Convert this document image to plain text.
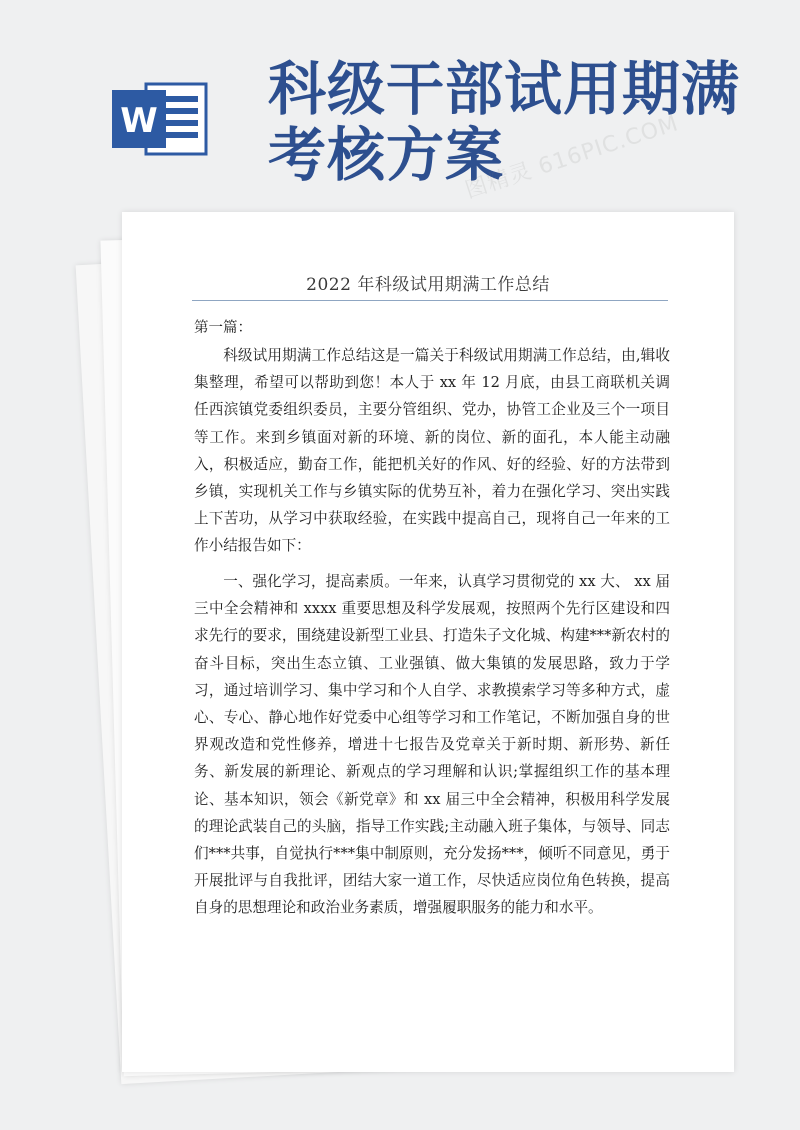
W 科级干部试用期满
考核方案
2022 年科级试用期满工作总结
第一篇：

科级试用期满工作总结这是一篇关于科级试用期满工作总结，由,辑收集整理，希望可以帮助到您！本人于 xx 年 12 月底，由县工商联机关调任西滨镇党委组织委员，主要分管组织、党办，协管工企业及三个一项目等工作。来到乡镇面对新的环境、新的岗位、新的面孔，本人能主动融入，积极适应，勤奋工作，能把机关好的作风、好的经验、好的方法带到乡镇，实现机关工作与乡镇实际的优势互补，着力在强化学习、突出实践上下苦功，从学习中获取经验，在实践中提高自己，现将自己一年来的工作小结报告如下：

一、强化学习，提高素质。一年来，认真学习贯彻党的 xx 大、 xx 届三中全会精神和 xxxx 重要思想及科学发展观，按照两个先行区建设和四求先行的要求，围绕建设新型工业县、打造朱子文化城、构建***新农村的奋斗目标，突出生态立镇、工业强镇、做大集镇的发展思路，致力于学习，通过培训学习、集中学习和个人自学、求教摸索学习等多种方式，虚心、专心、静心地作好党委中心组等学习和工作笔记，不断加强自身的世界观改造和党性修养，增进十七报告及党章关于新时期、新形势、新任务、新发展的新理论、新观点的学习理解和认识;掌握组织工作的基本理论、基本知识，领会《新党章》和 xx 届三中全会精神，积极用科学发展的理论武装自己的头脑，指导工作实践;主动融入班子集体，与领导、同志们***共事，自觉执行***集中制原则，充分发扬***，倾听不同意见，勇于开展批评与自我批评，团结大家一道工作，尽快适应岗位角色转换，提高自身的思想理论和政治业务素质，增强履职服务的能力和水平。

图精灵 616PIC.COM
